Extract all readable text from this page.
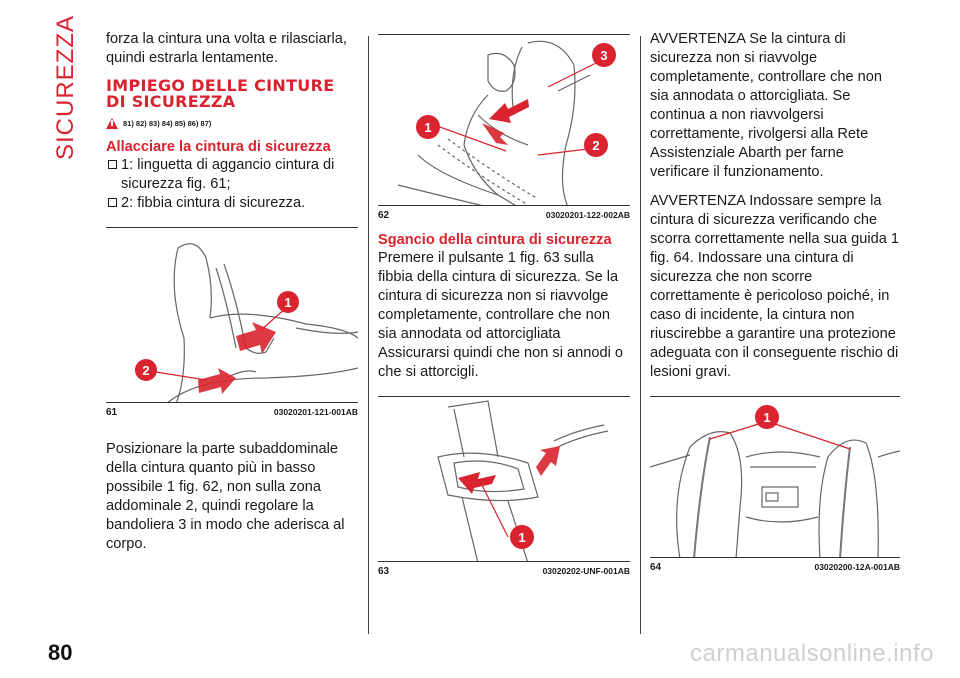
SICUREZZA forza la cintura una volta e rilasciarla, quindi estrarla lentamente.

IMPIEGO DELLE CINTURE
DI SICUREZZA
81) 82) 83) 84) 85) 86) 87)
Allacciare la cintura di sicurezza
1: linguetta di aggancio cintura di sicurezza fig. 61;
2: fibbia cintura di sicurezza.
1
2
61	03020201-121-001AB

Posizionare la parte subaddominale della cintura quanto più in basso possibile 1 fig. 62, non sulla zona addominale 2, quindi regolare la bandoliera 3 in modo che aderisca al corpo.

1
2
3
62	03020201-122-002AB
Sgancio della cintura di sicurezza

Premere il pulsante 1 fig. 63 sulla fibbia della cintura di sicurezza. Se la cintura di sicurezza non si riavvolge completamente, controllare che non sia annodata od attorcigliata Assicurarsi quindi che non si annodi o che si attorcigli.

1
63	03020202-UNF-001AB

AVVERTENZA Se la cintura di sicurezza non si riavvolge completamente, controllare che non sia annodata o attorcigliata. Se continua a non riavvolgersi correttamente, rivolgersi alla Rete Assistenziale Abarth per farne verificare il funzionamento.

AVVERTENZA Indossare sempre la cintura di sicurezza verificando che scorra correttamente nella sua guida 1 fig. 64. Indossare una cintura di sicurezza che non scorre correttamente è pericoloso poiché, in caso di incidente, la cintura non riuscirebbe a garantire una protezione adeguata con il conseguente rischio di lesioni gravi.

1
64	03020200-12A-001AB
80	carmanualsonline.info
